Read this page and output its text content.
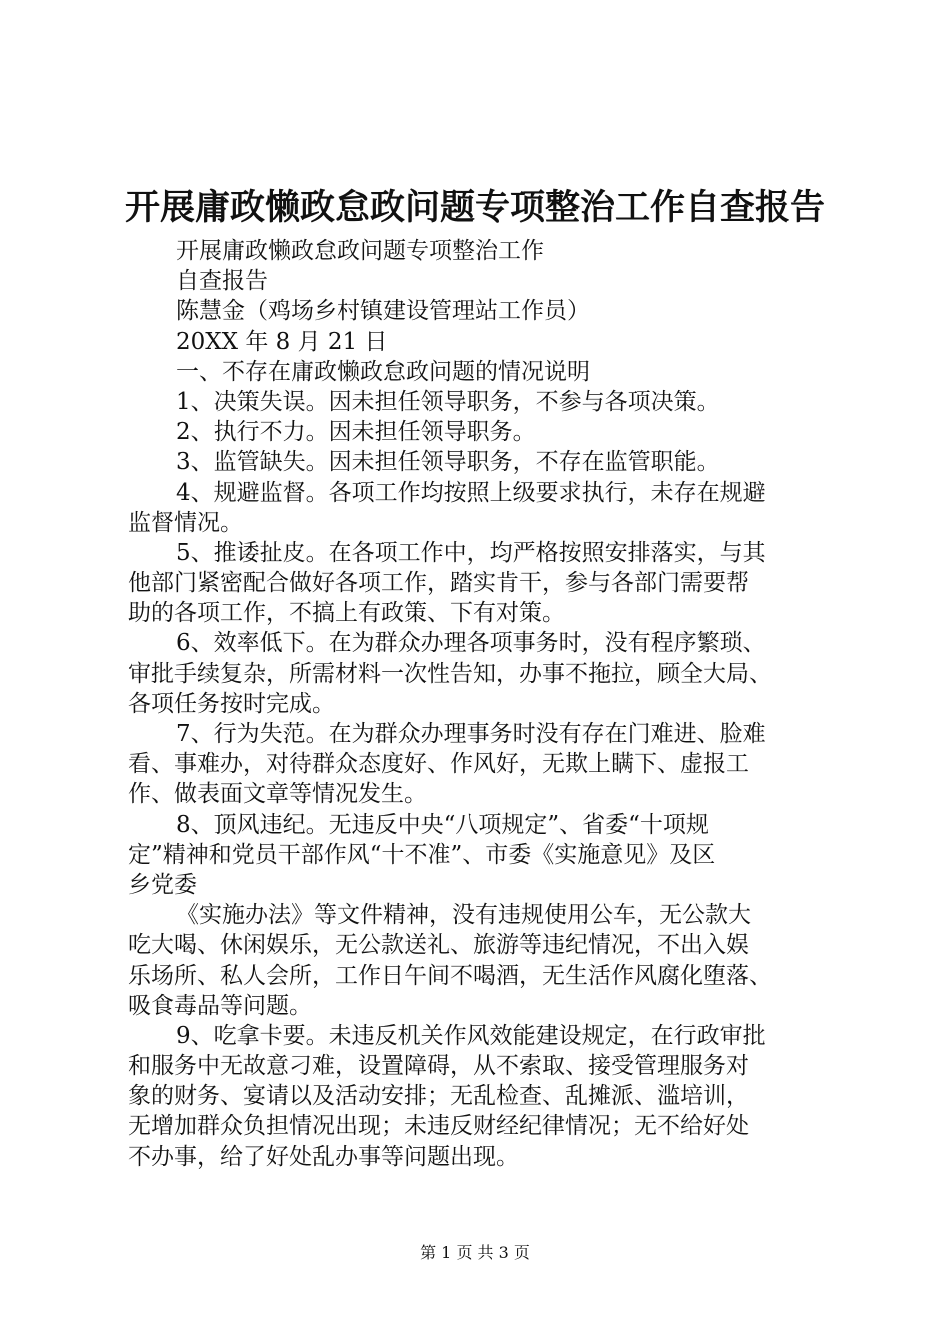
开展庸政懒政怠政问题专项整治工作自查报告
开展庸政懒政怠政问题专项整治工作
自查报告
陈慧金（鸡场乡村镇建设管理站工作员）
20XX 年 8 月 21 日
一、不存在庸政懒政怠政问题的情况说明
1、决策失误。因未担任领导职务，不参与各项决策。
2、执行不力。因未担任领导职务。
3、监管缺失。因未担任领导职务，不存在监管职能。
4、规避监督。各项工作均按照上级要求执行，未存在规避
监督情况。
5、推诿扯皮。在各项工作中，均严格按照安排落实，与其
他部门紧密配合做好各项工作，踏实肯干，参与各部门需要帮
助的各项工作，不搞上有政策、下有对策。
6、效率低下。在为群众办理各项事务时，没有程序繁琐、
审批手续复杂，所需材料一次性告知，办事不拖拉，顾全大局、
各项任务按时完成。
7、行为失范。在为群众办理事务时没有存在门难进、脸难
看、事难办，对待群众态度好、作风好，无欺上瞒下、虚报工
作、做表面文章等情况发生。
8、顶风违纪。无违反中央“八项规定”、省委“十项规
定”精神和党员干部作风“十不准”、市委《实施意见》及区
乡党委
《实施办法》等文件精神，没有违规使用公车，无公款大
吃大喝、休闲娱乐，无公款送礼、旅游等违纪情况，不出入娱
乐场所、私人会所，工作日午间不喝酒，无生活作风腐化堕落、
吸食毒品等问题。
9、吃拿卡要。未违反机关作风效能建设规定，在行政审批
和服务中无故意刁难，设置障碍，从不索取、接受管理服务对
象的财务、宴请以及活动安排；无乱检查、乱摊派、滥培训，
无增加群众负担情况出现；未违反财经纪律情况；无不给好处
不办事，给了好处乱办事等问题出现。
第 1 页 共 3 页
